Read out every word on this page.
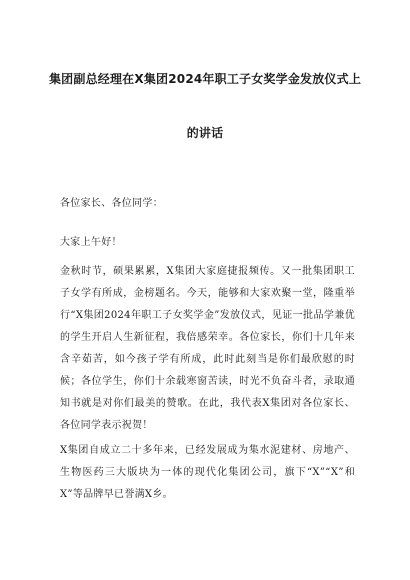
集团副总经理在X集团2024年职工子女奖学金发放仪式上
的讲话
各位家长、各位同学：
大家上午好！
金秋时节，硕果累累，X集团大家庭捷报频传。又一批集团职工子女学有所成，金榜题名。今天，能够和大家欢聚一堂，隆重举行“X集团2024年职工子女奖学金”发放仪式，见证一批品学兼优的学生开启人生新征程，我倍感荣幸。各位家长，你们十几年来含辛茹苦，如今孩子学有所成，此时此刻当是你们最欣慰的时候；各位学生，你们十余载寒窗苦读，时光不负奋斗者，录取通知书就是对你们最美的赞歌。在此，我代表X集团对各位家长、各位同学表示祝贺！
X集团自成立二十多年来，已经发展成为集水泥建材、房地产、生物医药三大版块为一体的现代化集团公司，旗下“X”“X”和X”等品牌早已誉满X乡。
